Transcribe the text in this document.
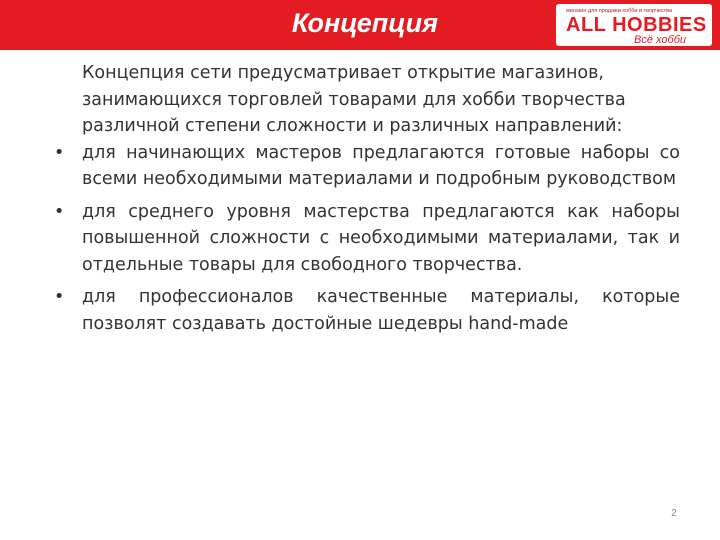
Концепция	магазин для продажи хобби и творчества
ALL HOBBIES
Всё хобби

Концепция сети предусматривает открытие магазинов, занимающихся торговлей товарами для хобби творчества различной степени сложности и различных направлений:

• для начинающих мастеров предлагаются готовые наборы со всеми необходимыми материалами и подробным руководством
• для среднего уровня мастерства предлагаются как наборы повышенной сложности с необходимыми материалами, так и отдельные товары для свободного творчества.
• для профессионалов качественные материалы, которые позволят создавать достойные шедевры hand-made
2
